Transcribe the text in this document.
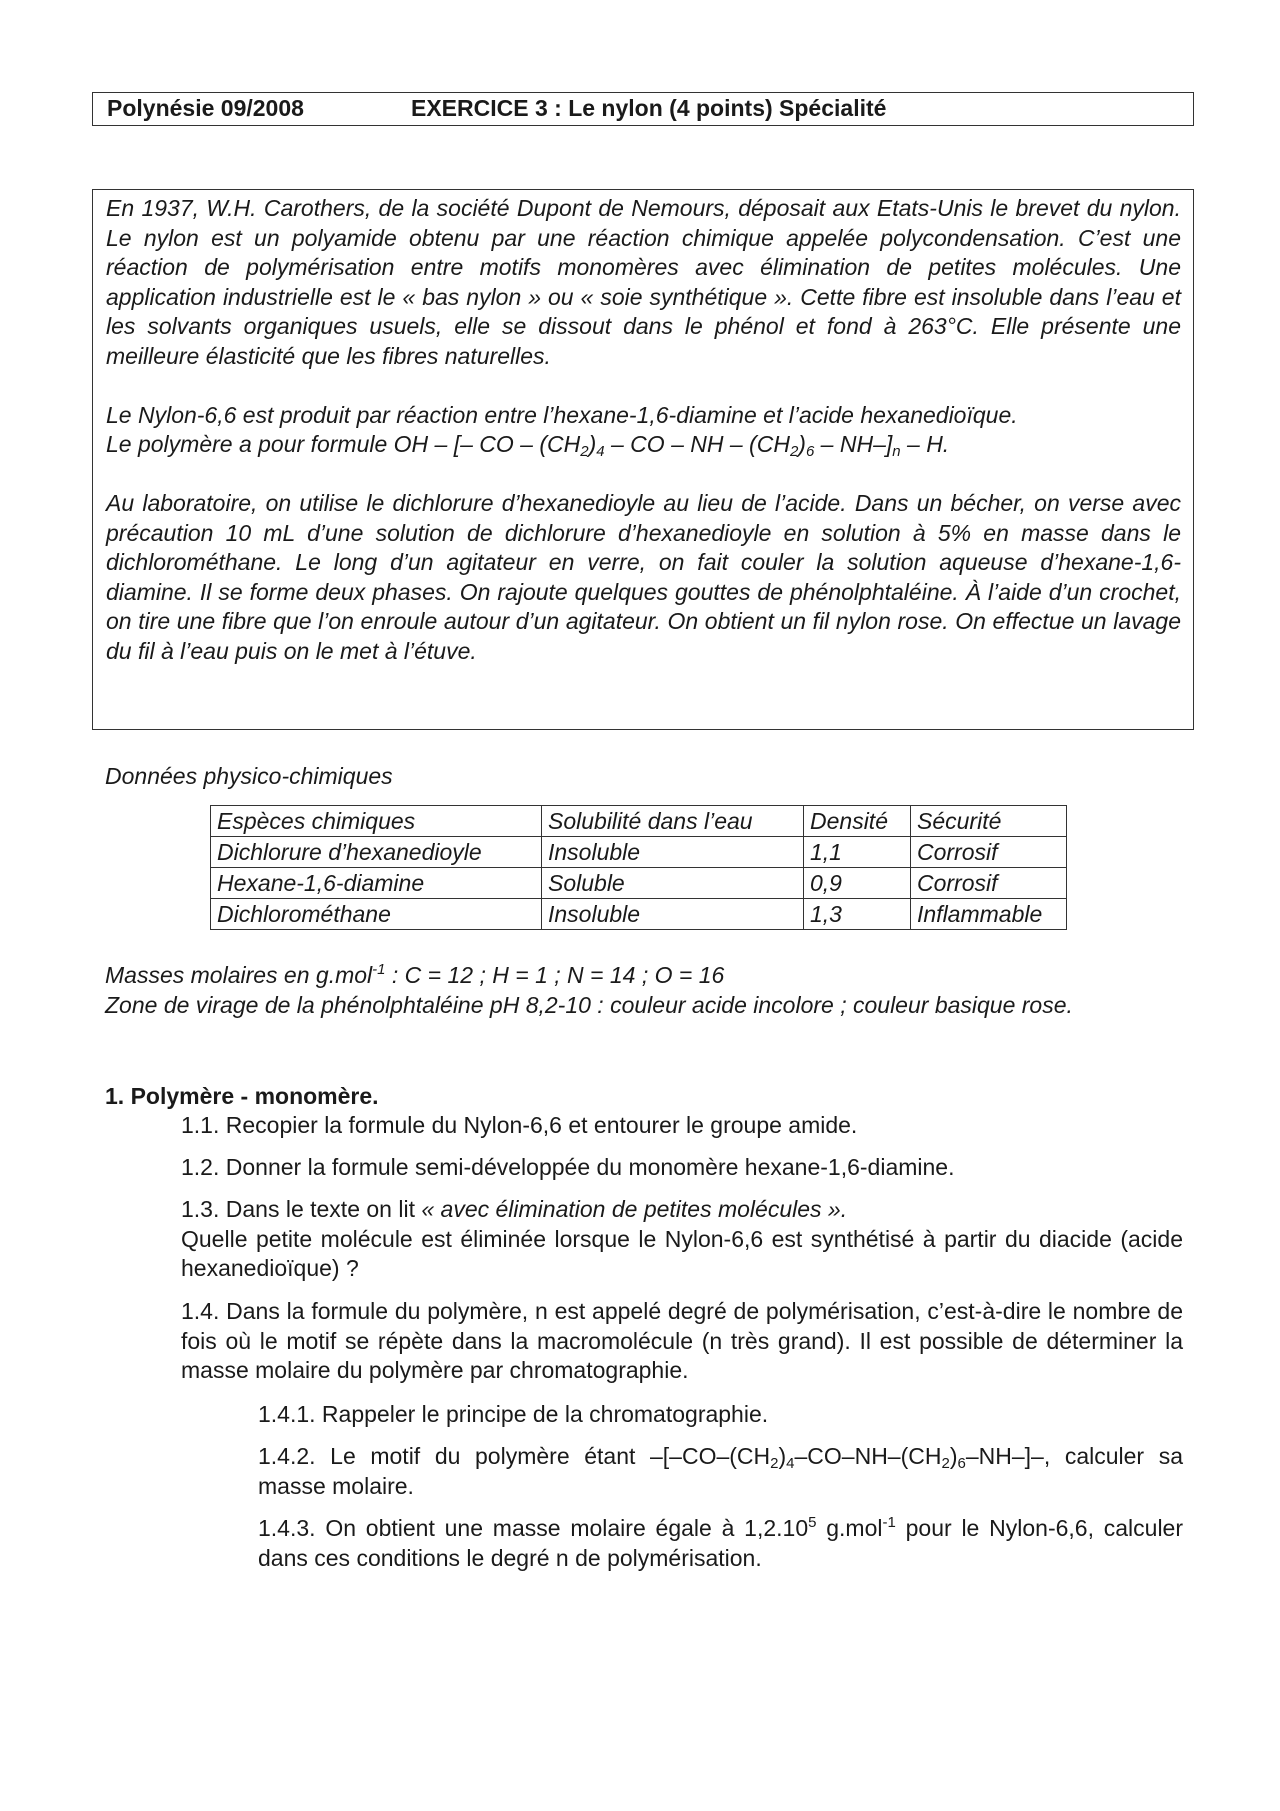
Polynésie 09/2008	EXERCICE 3 : Le nylon (4 points) Spécialité

En 1937, W.H. Carothers, de la société Dupont de Nemours, déposait aux Etats-Unis le brevet du nylon. Le nylon est un polyamide obtenu par une réaction chimique appelée polycondensation. C’est une réaction de polymérisation entre motifs monomères avec élimination de petites molécules. Une application industrielle est le « bas nylon » ou « soie synthétique ». Cette fibre est insoluble dans l’eau et les solvants organiques usuels, elle se dissout dans le phénol et fond à 263°C. Elle présente une meilleure élasticité que les fibres naturelles.

Le Nylon-6,6 est produit par réaction entre l’hexane-1,6-diamine et l’acide hexanedioïque.
Le polymère a pour formule OH – [– CO – $(CH_2)_4$ – CO – NH – $(CH_2)_6 - NH-]_n$ – H.

Au laboratoire, on utilise le dichlorure d’hexanedioyle au lieu de l’acide. Dans un bécher, on verse avec précaution 10 mL d’une solution de dichlorure d’hexanedioyle en solution à 5% en masse dans le dichlorométhane. Le long d’un agitateur en verre, on fait couler la solution aqueuse d’hexane-1,6-diamine. Il se forme deux phases. On rajoute quelques gouttes de phénolphtaléine. À l’aide d’un crochet, on tire une fibre que l’on enroule autour d’un agitateur. On obtient un fil nylon rose. On effectue un lavage du fil à l’eau puis on le met à l’étuve.

Données physico-chimiques
Espèces chimiques	Solubilité dans l’eau	Densité	Sécurité
Dichlorure d’hexanedioyle	Insoluble	1,1	Corrosif
Hexane-1,6-diamine	Soluble	0,9	Corrosif
Dichlorométhane	Insoluble	1,3	Inflammable

Masses molaires en g.mol$^{-1}$ : C = 12 ; H = 1 ; N = 14 ; O = 16

Zone de virage de la phénolphtaléine pH 8,2-10 : couleur acide incolore ; couleur basique rose.

1. Polymère - monomère.

1.1. Recopier la formule du Nylon-6,6 et entourer le groupe amide.

1.2. Donner la formule semi-développée du monomère hexane-1,6-diamine.

1.3. Dans le texte on lit « avec élimination de petites molécules ».

Quelle petite molécule est éliminée lorsque le Nylon-6,6 est synthétisé à partir du diacide (acide hexanedioïque) ?

1.4. Dans la formule du polymère, n est appelé degré de polymérisation, c’est-à-dire le nombre de fois où le motif se répète dans la macromolécule (n très grand). Il est possible de déterminer la masse molaire du polymère par chromatographie.

1.4.1. Rappeler le principe de la chromatographie.

1.4.2. Le motif du polymère étant $-[-CO-(CH_2)_4-CO-NH-(CH_2)_6-NH-]-$, calculer sa masse molaire.

1.4.3. On obtient une masse molaire égale à 1,2.10$^5$ g.mol$^{-1}$ pour le Nylon-6,6, calculer dans ces conditions le degré n de polymérisation.
